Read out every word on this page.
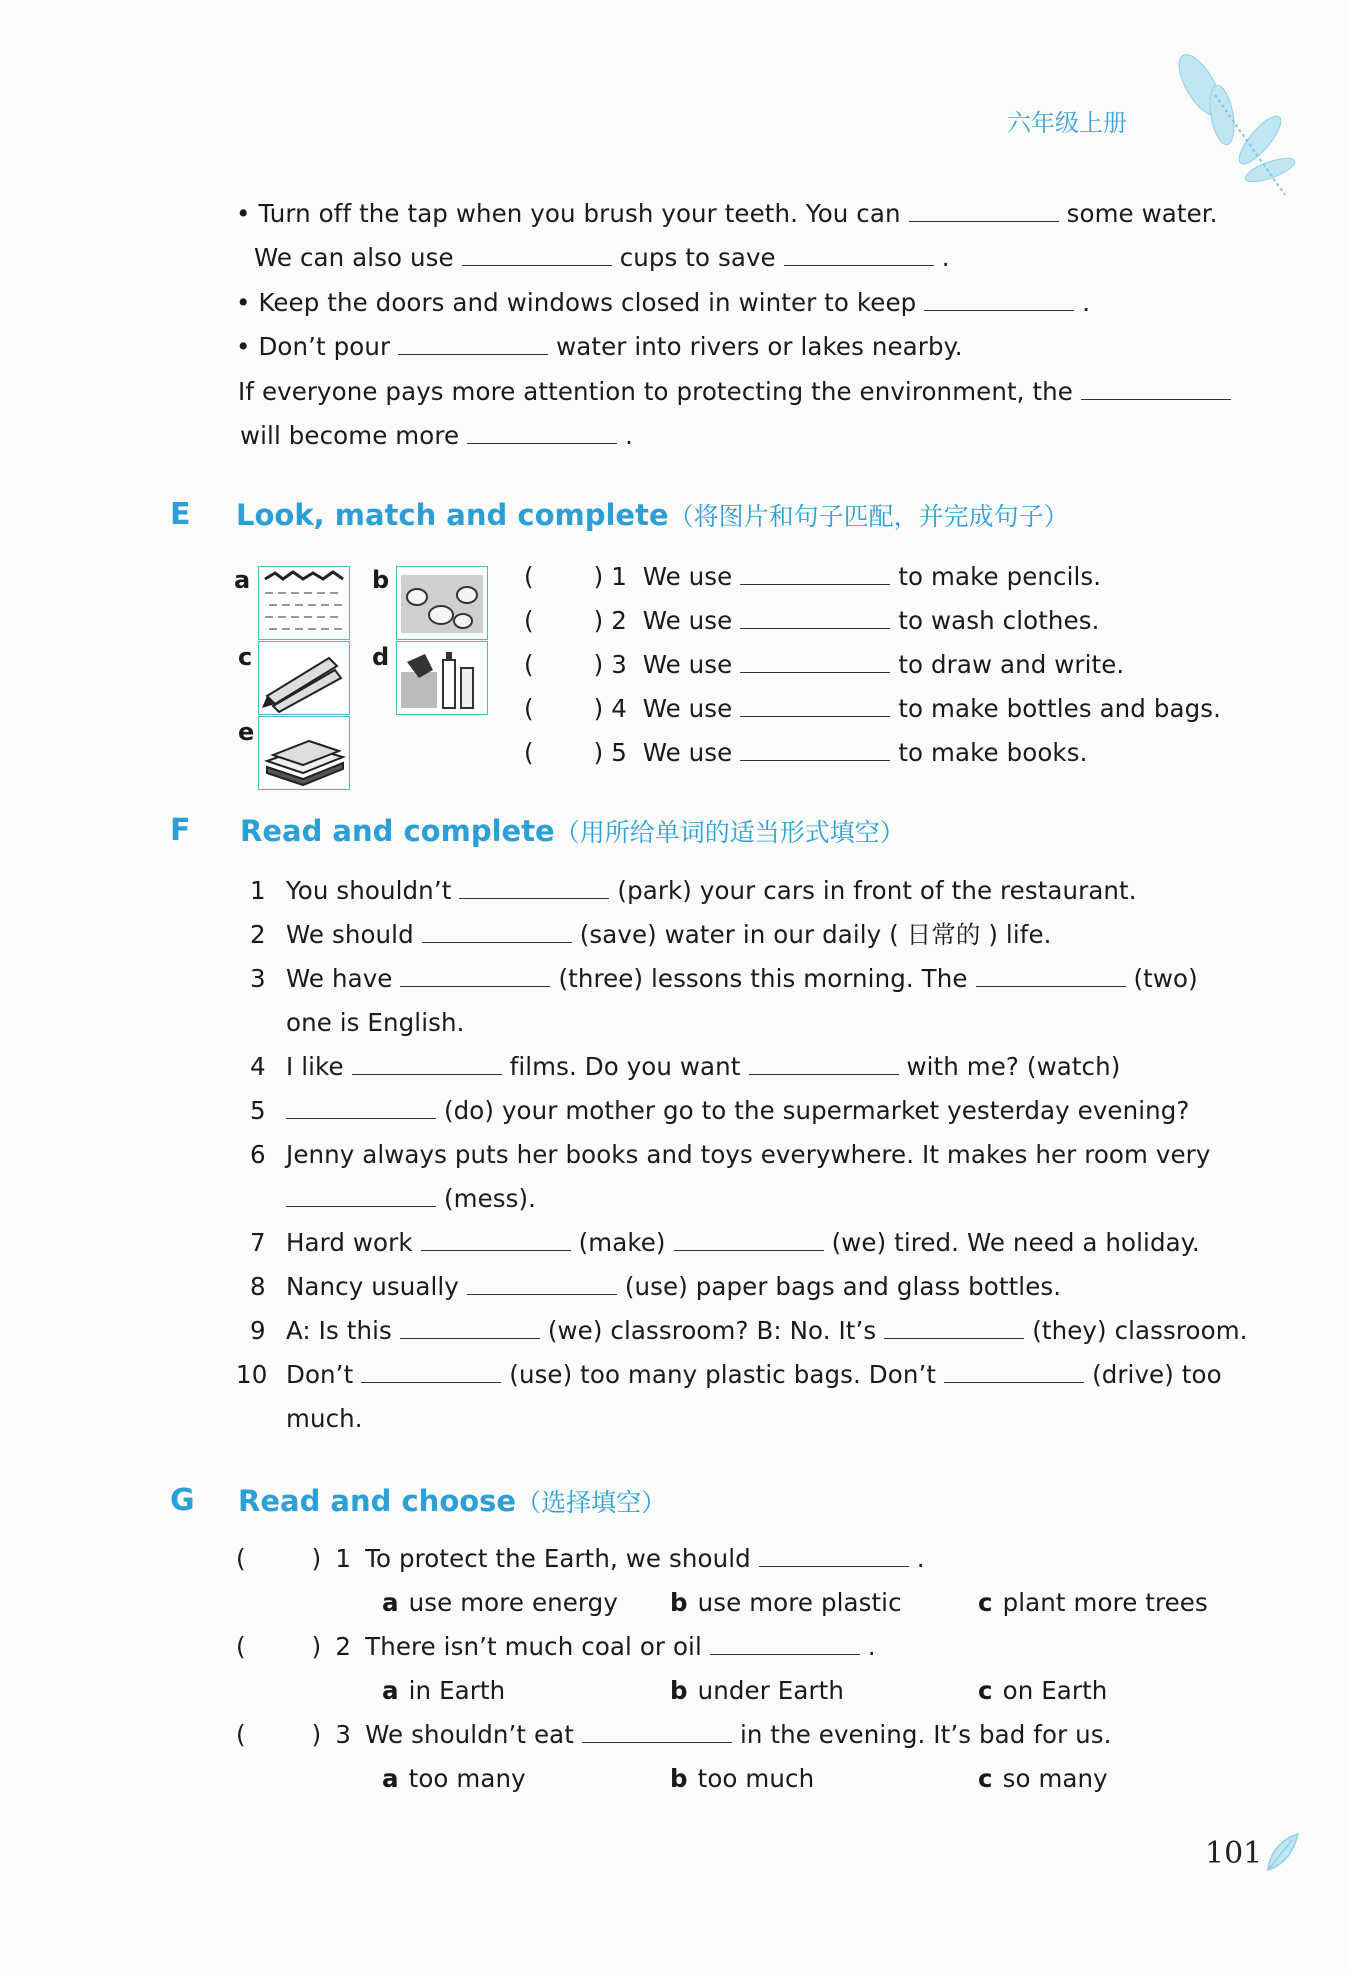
六年级上册
• Turn off the tap when you brush your teeth. You can	some water.
We can also use	cups to save	.
• Keep the doors and windows closed in winter to keep	.
• Don’t pour	water into rivers or lakes nearby.
If everyone pays more attention to protecting the environment, the
will become more	.
E Look, match and complete（将图片和句子匹配，并完成句子）
a	b
c	d
e
( ) 1 We use	to make pencils.
( ) 2 We use	to wash clothes.
( ) 3 We use	to draw and write.
( ) 4 We use	to make bottles and bags.
( ) 5 We use	to make books.
F Read and complete（用所给单词的适当形式填空）
1 You shouldn’t	(park) your cars in front of the restaurant.
2 We should	(save) water in our daily ( 日常的 ) life.
3 We have	(three) lessons this morning. The	(two)
one is English.
4 I like	films. Do you want	with me? (watch)
5	(do) your mother go to the supermarket yesterday evening?
6 Jenny always puts her books and toys everywhere. It makes her room very
(mess).
7 Hard work	(make)	(we) tired. We need a holiday.
8 Nancy usually	(use) paper bags and glass bottles.
9 A: Is this	(we) classroom? B: No. It’s	(they) classroom.
10 Don’t	(use) too many plastic bags. Don’t	(drive) too
much.
G Read and choose（选择填空）
(	) 1 To protect the Earth, we should	.
a use more energy b use more plastic	c plant more trees
(	) 2 There isn’t much coal or oil	.
a in Earth	b under Earth	c on Earth
(	) 3 We shouldn’t eat	in the evening. It’s bad for us.
a too many	b too much	c so many
101
